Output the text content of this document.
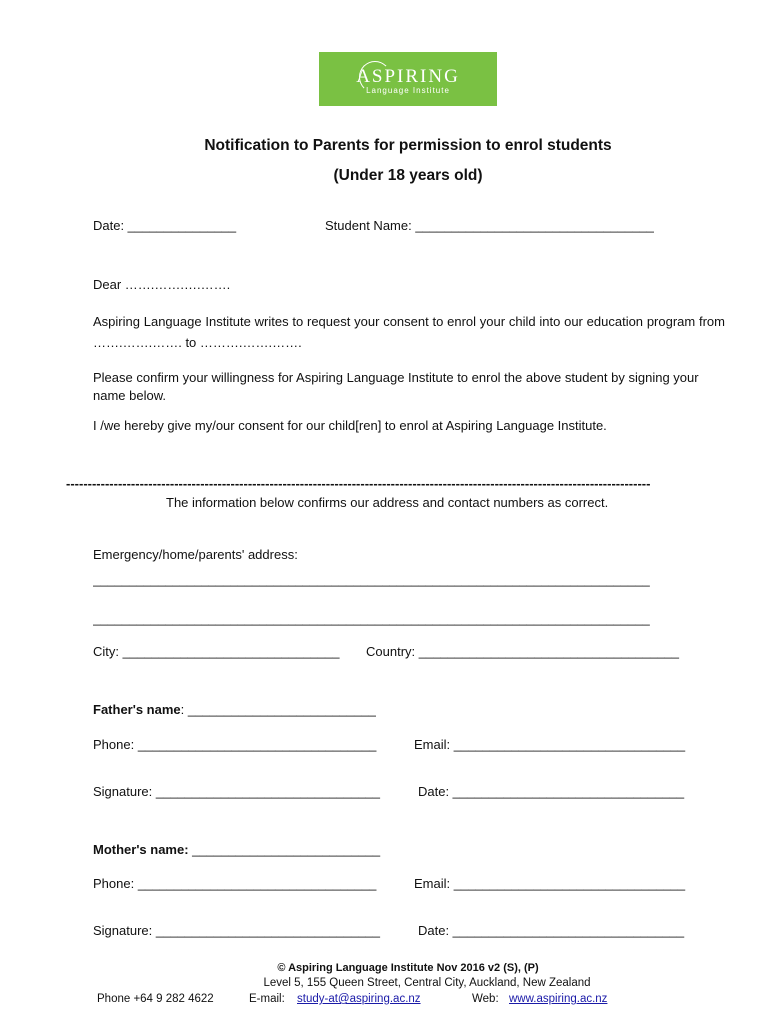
ASPIRING
Language Institute
Notification to Parents for permission to enrol students
(Under 18 years old)
Date: _______________	Student Name: _________________________________
Dear …….…….….…….
Aspiring Language Institute writes to request your consent to enrol your child into our education program from …….…….……. to ……….…….…….
Please confirm your willingness for Aspiring Language Institute to enrol the above student by signing your name below.
I /we hereby give my/our consent for our child[ren] to enrol at Aspiring Language Institute.
---------------------------------------------------------------------------------------------------------------------------------------
The information below confirms our address and contact numbers as correct.
Emergency/home/parents' address:
_____________________________________________________________________________
_____________________________________________________________________________
City: ______________________________ Country: ____________________________________
Father's name: __________________________
Phone: _________________________________	Email: ________________________________
Signature: _______________________________	Date: ________________________________
Mother's name: __________________________
Phone: _________________________________	Email: ________________________________
Signature: _______________________________	Date: ________________________________
© Aspiring Language Institute Nov 2016 v2 (S), (P)
Level 5, 155 Queen Street, Central City, Auckland, New Zealand
Phone +64 9 282 4622	E-mail: study-at@aspiring.ac.nz	Web: www.aspiring.ac.nz
